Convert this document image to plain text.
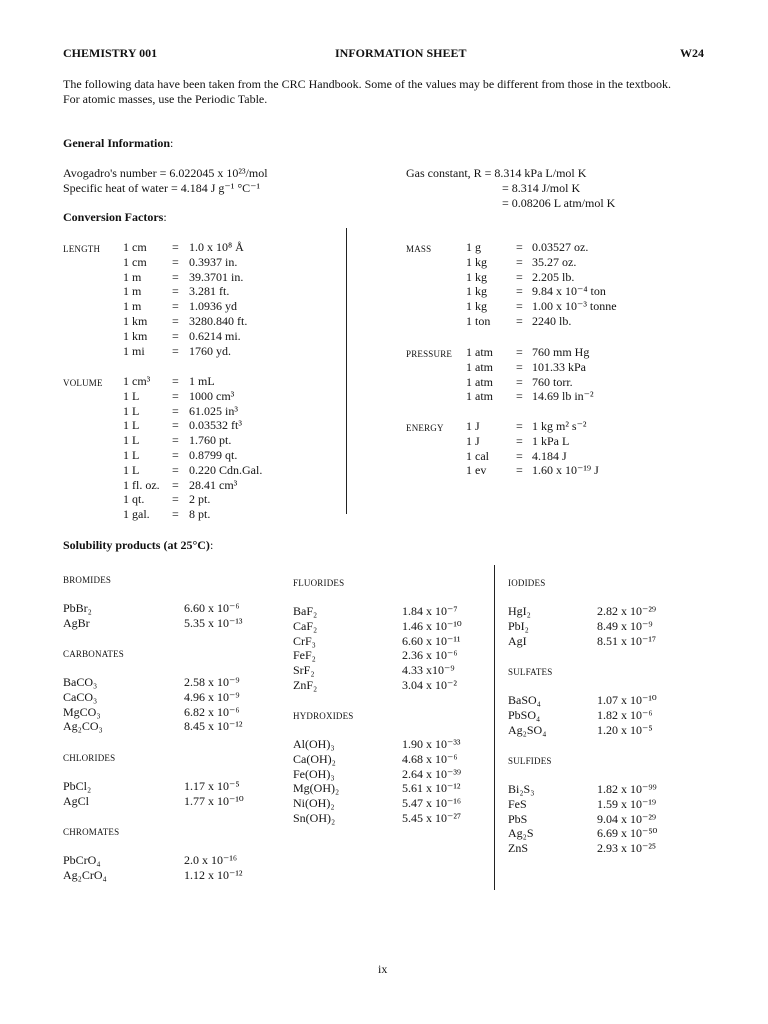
CHEMISTRY 001	INFORMATION SHEET	W24
The following data have been taken from the CRC Handbook. Some of the values may be different from those in the textbook.
For atomic masses, use the Periodic Table.
General Information:
Avogadro's number = 6.022045 x 10²³/mol
Specific heat of water = 4.184 J g⁻¹ °C⁻¹
Gas constant, R = 8.314 kPa L/mol K
= 8.314 J/mol K
= 0.08206 L atm/mol K
Conversion Factors:
LENGTH 1 cm = 1.0 x 10⁸ Å
1 cm = 0.3937 in.
1 m	= 39.3701 in.
1 m	= 3.281 ft.
1 m	= 1.0936 yd
1 km = 3280.840 ft.
1 km = 0.6214 mi.
1 mi = 1760 yd.
VOLUME 1 cm³ = 1 mL
1 L	= 1000 cm³
1 L	= 61.025 in³
1 L	= 0.03532 ft³
1 L	= 1.760 pt.
1 L	= 0.8799 qt.
1 L	= 0.220 Cdn.Gal.
1 fl. oz. = 28.41 cm³
1 qt. = 2 pt.
1 gal. = 8 pt.
MASS	1 g	= 0.03527 oz.
1 kg = 35.27 oz.
1 kg = 2.205 lb.
1 kg = 9.84 x 10⁻⁴ ton
1 kg = 1.00 x 10⁻³ tonne
1 ton = 2240 lb.
PRESSURE 1 atm = 760 mm Hg
1 atm = 101.33 kPa
1 atm = 760 torr.
1 atm = 14.69 lb in⁻²
ENERGY 1 J	= 1 kg m² s⁻²
1 J	= 1 kPa L
1 cal = 4.184 J
1 ev = 1.60 x 10⁻¹⁹ J
Solubility products (at 25°C):
BROMIDES
PbBr₂	6.60 x 10⁻⁶
AgBr	5.35 x 10⁻¹³
CARBONATES
BaCO₃	2.58 x 10⁻⁹
CaCO₃	4.96 x 10⁻⁹
MgCO₃	6.82 x 10⁻⁶
Ag₂CO₃	8.45 x 10⁻¹²
CHLORIDES
PbCl₂	1.17 x 10⁻⁵
AgCl	1.77 x 10⁻¹⁰
CHROMATES
PbCrO₄	2.0 x 10⁻¹⁶
Ag₂CrO₄	1.12 x 10⁻¹²
FLUORIDES
BaF₂	1.84 x 10⁻⁷
CaF₂	1.46 x 10⁻¹⁰
CrF₃	6.60 x 10⁻¹¹
FeF₂	2.36 x 10⁻⁶
SrF₂	4.33 x10⁻⁹
ZnF₂	3.04 x 10⁻²
HYDROXIDES
Al(OH)₃	1.90 x 10⁻³³
Ca(OH)₂	4.68 x 10⁻⁶
Fe(OH)₃	2.64 x 10⁻³⁹
Mg(OH)₂	5.61 x 10⁻¹²
Ni(OH)₂	5.47 x 10⁻¹⁶
Sn(OH)₂	5.45 x 10⁻²⁷
IODIDES
HgI₂	2.82 x 10⁻²⁹
PbI₂	8.49 x 10⁻⁹
AgI	8.51 x 10⁻¹⁷
SULFATES
BaSO₄	1.07 x 10⁻¹⁰
PbSO₄	1.82 x 10⁻⁶
Ag₂SO₄	1.20 x 10⁻⁵
SULFIDES
Bi₂S₃	1.82 x 10⁻⁹⁹
FeS	1.59 x 10⁻¹⁹
PbS	9.04 x 10⁻²⁹
Ag₂S	6.69 x 10⁻⁵⁰
ZnS	2.93 x 10⁻²⁵
ix
